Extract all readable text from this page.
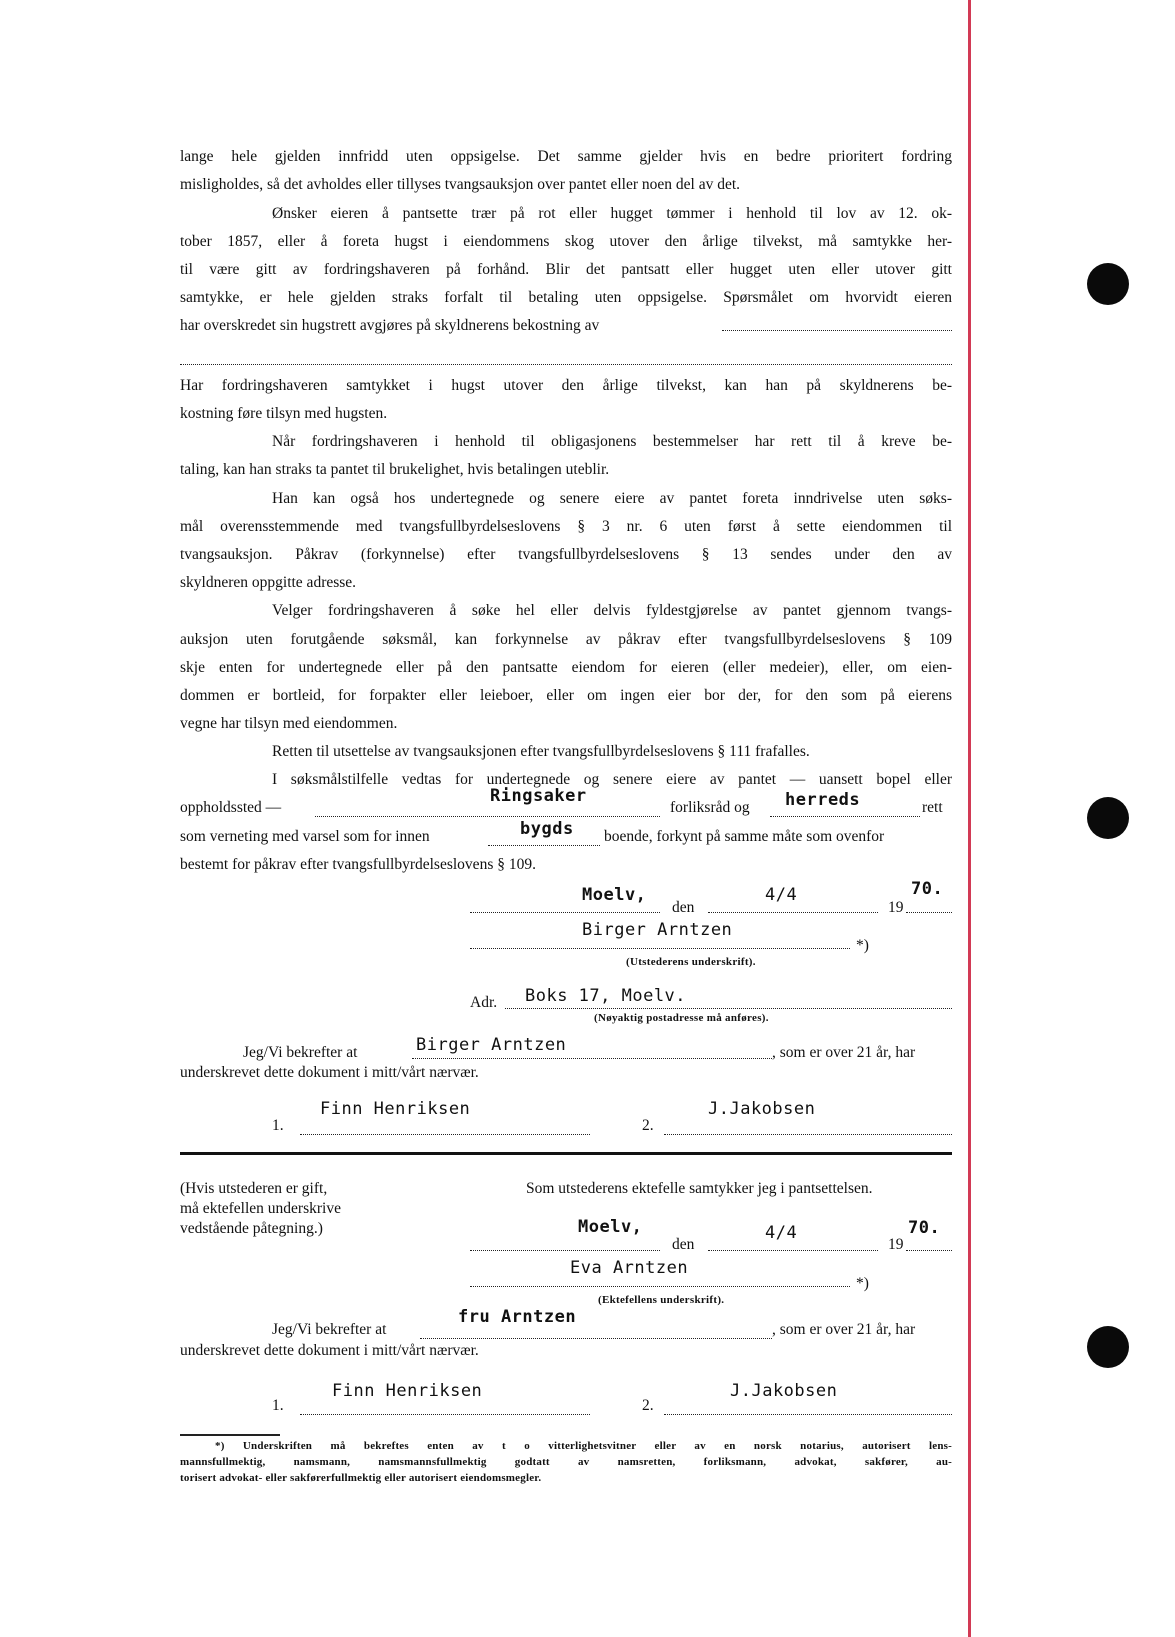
lange hele gjelden innfridd uten oppsigelse. Det samme gjelder hvis en bedre prioritert fordring
misligholdes, så det avholdes eller tillyses tvangsauksjon over pantet eller noen del av det.
Ønsker eieren å pantsette trær på rot eller hugget tømmer i henhold til lov av 12. ok-
tober 1857, eller å foreta hugst i eiendommens skog utover den årlige tilvekst, må samtykke her-
til være gitt av fordringshaveren på forhånd. Blir det pantsatt eller hugget uten eller utover gitt
samtykke, er hele gjelden straks forfalt til betaling uten oppsigelse. Spørsmålet om hvorvidt eieren
har overskredet sin hugstrett avgjøres på skyldnerens bekostning av
Har fordringshaveren samtykket i hugst utover den årlige tilvekst, kan han på skyldnerens be-
kostning føre tilsyn med hugsten.
Når fordringshaveren i henhold til obligasjonens bestemmelser har rett til å kreve be-
taling, kan han straks ta pantet til brukelighet, hvis betalingen uteblir.
Han kan også hos undertegnede og senere eiere av pantet foreta inndrivelse uten søks-
mål overensstemmende med tvangsfullbyrdelseslovens § 3 nr. 6 uten først å sette eiendommen til
tvangsauksjon. Påkrav (forkynnelse) efter tvangsfullbyrdelseslovens § 13 sendes under den av
skyldneren oppgitte adresse.
Velger fordringshaveren å søke hel eller delvis fyldestgjørelse av pantet gjennom tvangs-
auksjon uten forutgående søksmål, kan forkynnelse av påkrav efter tvangsfullbyrdelseslovens § 109
skje enten for undertegnede eller på den pantsatte eiendom for eieren (eller medeier), eller, om eien-
dommen er bortleid, for forpakter eller leieboer, eller om ingen eier bor der, for den som på eierens
vegne har tilsyn med eiendommen.
Retten til utsettelse av tvangsauksjonen efter tvangsfullbyrdelseslovens § 111 frafalles.
I søksmålstilfelle vedtas for undertegnede og senere eiere av pantet — uansett bopel eller
oppholdssted —
Ringsaker
forliksråd og herreds	rett
som verneting med varsel som for innen	bygds boende, forkynt på samme måte som ovenfor
bestemt for påkrav efter tvangsfullbyrdelseslovens § 109.
Moelv,
den
4/4
19
70.
Birger Arntzen
*)
(Utstederens underskrift).
Adr. Boks 17, Moelv.
(Nøyaktig postadresse må anføres).
Jeg/Vi bekrefter at	Birger Arntzen	, som er over 21 år, har
underskrevet dette dokument i mitt/vårt nærvær.
Finn Henriksen
1.
J.Jakobsen
2.
(Hvis utstederen er gift,
må ektefellen underskrive
vedstående påtegning.)
Som utstederens ektefelle samtykker jeg i pantsettelsen.
Moelv,
den
4/4
19
70.
Eva Arntzen
*)
(Ektefellens underskrift).
Jeg/Vi bekrefter at
fru Arntzen
, som er over 21 år, har
underskrevet dette dokument i mitt/vårt nærvær.
Finn Henriksen
1.
J.Jakobsen
2.
*) Underskriften må bekreftes enten av t o vitterlighetsvitner eller av en norsk notarius, autorisert lens-
mannsfullmektig, namsmann, namsmannsfullmektig godtatt av namsretten, forliksmann, advokat, sakfører, au-
torisert advokat- eller sakførerfullmektig eller autorisert eiendomsmegler.
